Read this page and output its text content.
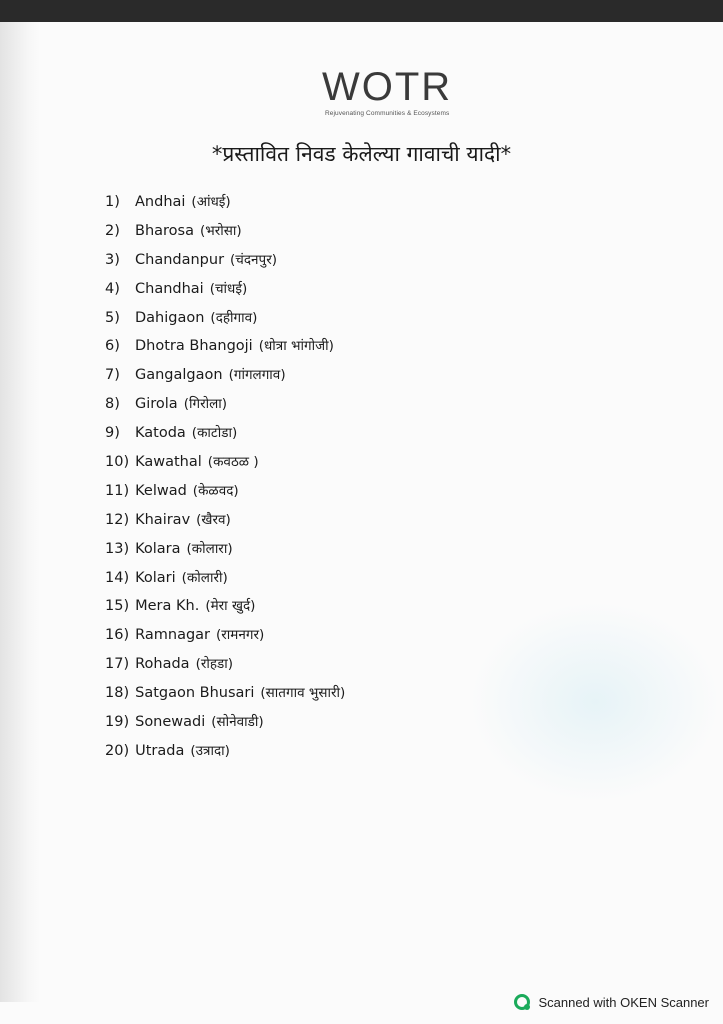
WOTR
Rejuvenating Communities & Ecosystems
*प्रस्तावित निवड केलेल्या गावाची यादी*
1) Andhai (आंधई)
2) Bharosa (भरोसा)
3) Chandanpur (चंदनपुर)
4) Chandhai (चांधई)
5) Dahigaon (दहीगाव)
6) Dhotra Bhangoji (धोत्रा भांगोजी)
7) Gangalgaon (गांगलगाव)
8) Girola (गिरोला)
9) Katoda (काटोडा)
10) Kawathal (कवठळ )
11) Kelwad (केळवद)
12) Khairav (खैरव)
13) Kolara (कोलारा)
14) Kolari (कोलारी)
15) Mera Kh. (मेरा खुर्द)
16) Ramnagar (रामनगर)
17) Rohada (रोहडा)
18) Satgaon Bhusari (सातगाव भुसारी)
19) Sonewadi (सोनेवाडी)
20) Utrada (उत्रादा)
Scanned with OKEN Scanner
